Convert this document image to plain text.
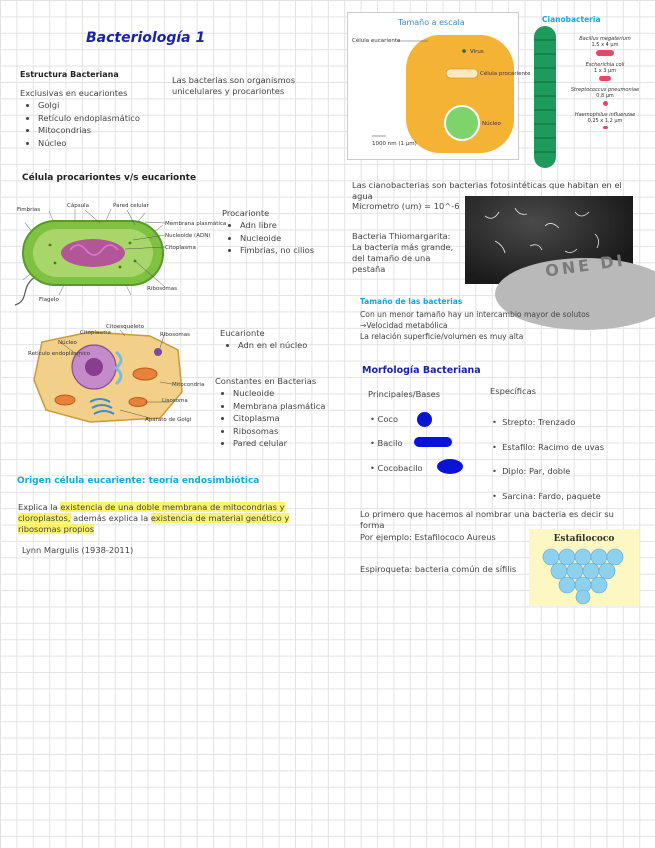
Bacteriología 1
Estructura Bacteriana
Exclusivas en eucariontes
• Golgi
• Retículo endoplasmático
• Mitocondrias
• Núcleo
Las bacterias son organismos unicelulares y procariontes
Célula procariontes v/s eucarionte
Fimbrias
Cápsula	Pared celular
Membrana plasmática
Nucleoide (ADN)
Citoplasma
Ribosomas
Flagelo
Procarionte
• Adn libre
• Nucleoide
• Fimbrias, no cilios
Citoesqueleto
Citoplasma	Ribosomas
Núcleo
Retículo endoplásmico
Mitocondria
Lisosoma
Aparato de Golgi
Eucarionte
• Adn en el núcleo
Constantes en Bacterias
• Nucleoide
• Membrana plasmática
• Citoplasma
• Ribosomas
• Pared celular
Origen célula eucariente: teoría endosimbiótica
Explica la existencia de una doble membrana de mitocondrias y cloroplastos, además explica la existencia de material genético y ribosomas propios
Lynn Margulis (1938-2011)
Tamaño a escala
Célula eucariente
Virus
Célula procariente
Núcleo
1000 nm (1 μm)
Cianobacteria
Bacillus megaterium
1,5 x 4 μm
Escherichia coli
1 x 3 μm
Streptococcus pneumoniae
0,8 μm
Haemophilus influenzae
0,25 x 1,2 μm
Las cianobacterias son bacterias fotosintéticas que habitan en el agua
Micrometro (um) = 10^-6
Bacteria Thiomargarita: La bacteria más grande, del tamaño de una pestaña	ONE DI
Tamaño de las bacterias
Con un menor tamaño hay un intercambio mayor de solutos
→Velocidad metabólica
La relación superficie/volumen es muy alta
Morfología Bacteriana
Principales/Bases	Específicas
• Coco
• Bacilo
• Cocobacilo
•  Strepto: Trenzado
•  Estafilo: Racimo de uvas
•  Diplo: Par, doble
•  Sarcina: Fardo, paquete
Lo primero que hacemos al nombrar una bacteria es decir su forma
Por ejemplo: Estafilococo Aureus
Espiroqueta: bacteria común de sífilis
Estafilococo
